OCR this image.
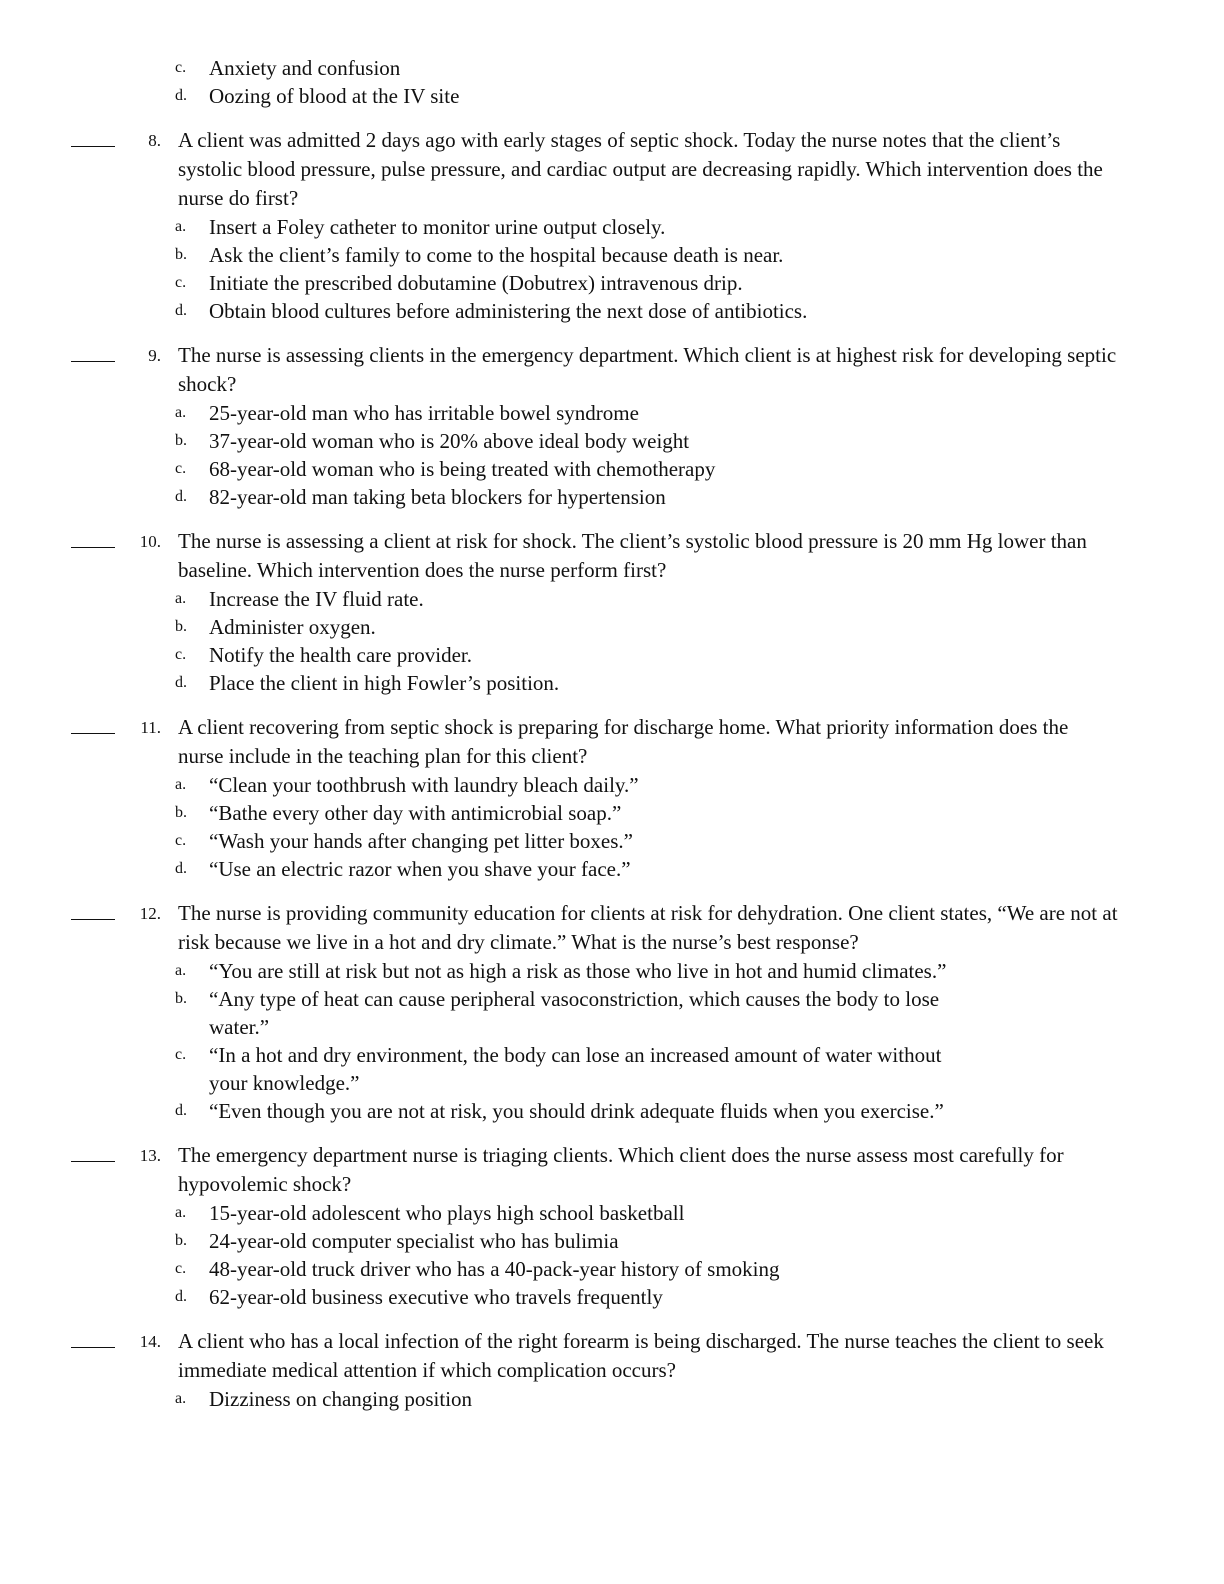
c.	Anxiety and confusion
d.	Oozing of blood at the IV site
8. A client was admitted 2 days ago with early stages of septic shock. Today the nurse notes that the client’s systolic blood pressure, pulse pressure, and cardiac output are decreasing rapidly. Which intervention does the nurse do first?
a.	Insert a Foley catheter to monitor urine output closely.
b.	Ask the client’s family to come to the hospital because death is near.
c.	Initiate the prescribed dobutamine (Dobutrex) intravenous drip.
d.	Obtain blood cultures before administering the next dose of antibiotics.
9. The nurse is assessing clients in the emergency department. Which client is at highest risk for developing septic shock?
a.	25-year-old man who has irritable bowel syndrome
b.	37-year-old woman who is 20% above ideal body weight
c.	68-year-old woman who is being treated with chemotherapy
d.	82-year-old man taking beta blockers for hypertension
10. The nurse is assessing a client at risk for shock. The client’s systolic blood pressure is 20 mm Hg lower than baseline. Which intervention does the nurse perform first?
a.	Increase the IV fluid rate.
b.	Administer oxygen.
c.	Notify the health care provider.
d.	Place the client in high Fowler’s position.
11. A client recovering from septic shock is preparing for discharge home. What priority information does the nurse include in the teaching plan for this client?
a.	“Clean your toothbrush with laundry bleach daily.”
b.	“Bathe every other day with antimicrobial soap.”
c.	“Wash your hands after changing pet litter boxes.”
d.	“Use an electric razor when you shave your face.”
12. The nurse is providing community education for clients at risk for dehydration. One client states, “We are not at risk because we live in a hot and dry climate.” What is the nurse’s best response?
a.	“You are still at risk but not as high a risk as those who live in hot and humid climates.”
b.	“Any type of heat can cause peripheral vasoconstriction, which causes the body to lose water.”
c.	“In a hot and dry environment, the body can lose an increased amount of water without your knowledge.”
d.	“Even though you are not at risk, you should drink adequate fluids when you exercise.”
13. The emergency department nurse is triaging clients. Which client does the nurse assess most carefully for hypovolemic shock?
a.	15-year-old adolescent who plays high school basketball
b.	24-year-old computer specialist who has bulimia
c.	48-year-old truck driver who has a 40-pack-year history of smoking
d.	62-year-old business executive who travels frequently
14. A client who has a local infection of the right forearm is being discharged. The nurse teaches the client to seek immediate medical attention if which complication occurs?
a.	Dizziness on changing position
